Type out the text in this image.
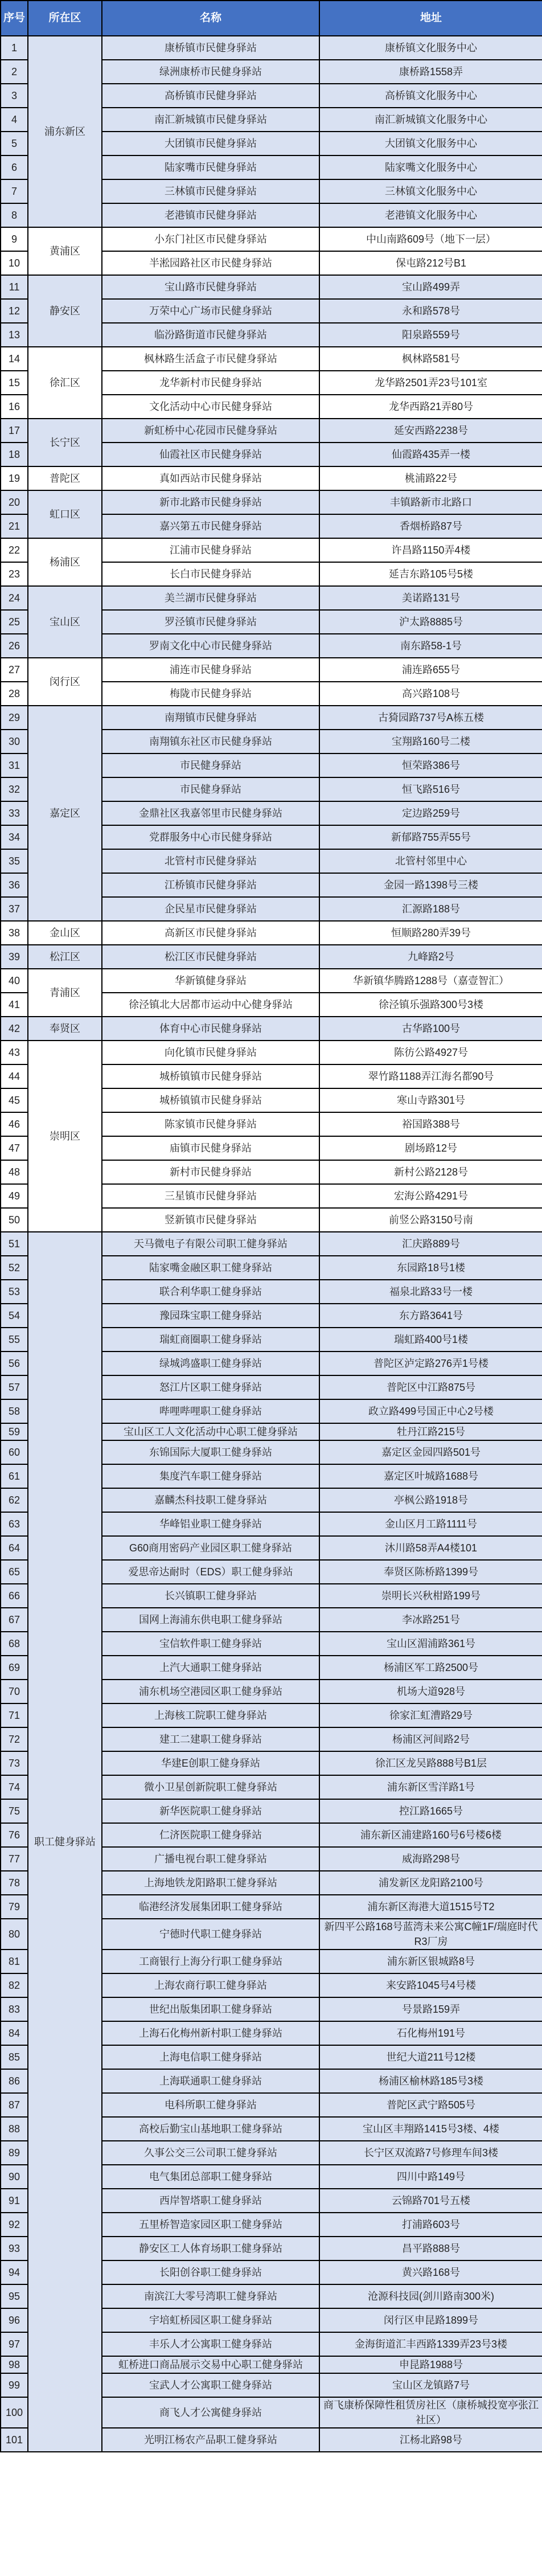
序号	所在区	名称	地址
1	浦东新区	康桥镇市民健身驿站	康桥镇文化服务中心
2		绿洲康桥市民健身驿站	康桥路1558弄
3		高桥镇市民健身驿站	高桥镇文化服务中心
4		南汇新城镇市民健身驿站	南汇新城镇文化服务中心
5		大团镇市民健身驿站	大团镇文化服务中心
6		陆家嘴市民健身驿站	陆家嘴文化服务中心
7		三林镇市民健身驿站	三林镇文化服务中心
8		老港镇市民健身驿站	老港镇文化服务中心
9	黄浦区	小东门社区市民健身驿站	中山南路609号（地下一层）
10		半淞园路社区市民健身驿站	保屯路212号B1
11	静安区	宝山路市民健身驿站	宝山路499弄
12		万荣中心广场市民健身驿站	永和路578号
13		临汾路街道市民健身驿站	阳泉路559号
14	徐汇区	枫林路生活盒子市民健身驿站	枫林路581号
15		龙华新村市民健身驿站	龙华路2501弄23号101室
16		文化活动中心市民健身驿站	龙华西路21弄80号
17	长宁区	新虹桥中心花园市民健身驿站	延安西路2238号
18		仙霞社区市民健身驿站	仙霞路435弄一楼
19	普陀区	真如西站市民健身驿站	桃浦路22号
20	虹口区	新市北路市民健身驿站	丰镇路新市北路口
21		嘉兴第五市民健身驿站	香烟桥路87号
22	杨浦区	江浦市民健身驿站	许昌路1150弄4楼
23		长白市民健身驿站	延吉东路105号5楼
24	宝山区	美兰湖市民健身驿站	美诺路131号
25		罗泾镇市民健身驿站	沪太路8885号
26		罗南文化中心市民健身驿站	南东路58-1号
27	闵行区	浦连市民健身驿站	浦连路655号
28		梅陇市民健身驿站	高兴路108号
29	嘉定区	南翔镇市民健身驿站	古猗园路737号A栋五楼
30		南翔镇东社区市民健身驿站	宝翔路160号二楼
31		市民健身驿站	恒荣路386号
32		市民健身驿站	恒飞路516号
33		金鼎社区我嘉邻里市民健身驿站	定边路259号
34		党群服务中心市民健身驿站	新郁路755弄55号
35		北管村市民健身驿站	北管村邻里中心
36		江桥镇市民健身驿站	金园一路1398号三楼
37		企民星市民健身驿站	汇源路188号
38	金山区	高新区市民健身驿站	恒顺路280弄39号
39	松江区	松江区市民健身驿站	九峰路2号
40	青浦区	华新镇健身驿站	华新镇华腾路1288号（嘉壹智汇）
41		徐泾镇北大居都市运动中心健身驿站	徐泾镇乐强路300号3楼
42	奉贤区	体育中心市民健身驿站	古华路100号
43	崇明区	向化镇市民健身驿站	陈彷公路4927号
44		城桥镇镇市民健身驿站	翠竹路1188弄江海名都90号
45		城桥镇镇市民健身驿站	寒山寺路301号
46		陈家镇市民健身驿站	裕国路388号
47		庙镇市民健身驿站	剧场路12号
48		新村市民健身驿站	新村公路2128号
49		三星镇市民健身驿站	宏海公路4291号
50		竖新镇市民健身驿站	前竖公路3150号南
51	职工健身驿站	天马微电子有限公司职工健身驿站	汇庆路889号
52		陆家嘴金融区职工健身驿站	东园路18号1楼
53		联合利华职工健身驿站	福泉北路33号一楼
54		豫园珠宝职工健身驿站	东方路3641号
55		瑞虹商圈职工健身驿站	瑞虹路400号1楼
56		绿城鸿盛职工健身驿站	普陀区泸定路276弄1号楼
57		怒江片区职工健身驿站	普陀区中江路875号
58		哔哩哔哩职工健身驿站	政立路499号国正中心2号楼
59		宝山区工人文化活动中心职工健身驿站	牡丹江路215号
60		东锦国际大厦职工健身驿站	嘉定区金园四路501号
61		集度汽车职工健身驿站	嘉定区叶城路1688号
62		嘉麟杰科技职工健身驿站	亭枫公路1918号
63		华峰铝业职工健身驿站	金山区月工路1111号
64		G60商用密码产业园区职工健身驿站	沐川路58弄A4楼101
65		爱思帝达耐时（EDS）职工健身驿站	奉贤区陈桥路1399号
66		长兴镇职工健身驿站	崇明长兴秋柑路199号
67		国网上海浦东供电职工健身驿站	李冰路251号
68		宝信软件职工健身驿站	宝山区湄浦路361号
69		上汽大通职工健身驿站	杨浦区军工路2500号
70		浦东机场空港园区职工健身驿站	机场大道928号
71		上海核工院职工健身驿站	徐家汇虹漕路29号
72		建工二建职工健身驿站	杨浦区河间路2号
73		华建E创职工健身驿站	徐汇区龙吴路888号B1层
74		微小卫星创新院职工健身驿站	浦东新区雪洋路1号
75		新华医院职工健身驿站	控江路1665号
76		仁济医院职工健身驿站	浦东新区浦建路160号6号楼6楼
77		广播电视台职工健身驿站	威海路298号
78		上海地铁龙阳路职工健身驿站	浦发新区龙阳路2100号
79		临港经济发展集团职工健身驿站	浦东新区海港大道1515号T2
80		宁德时代职工健身驿站	新四平公路168号蓝湾未来公寓C幢1F/瑞庭时代R3厂房
81		工商银行上海分行职工健身驿站	浦东新区银城路8号
82		上海农商行职工健身驿站	来安路1045号4号楼
83		世纪出版集团职工健身驿站	号景路159弄
84		上海石化梅州新村职工健身驿站	石化梅州191号
85		上海电信职工健身驿站	世纪大道211号12楼
86		上海联通职工健身驿站	杨浦区榆林路185号3楼
87		电科所职工健身驿站	普陀区武宁路505号
88		高校后勤宝山基地职工健身驿站	宝山区丰翔路1415号3楼、4楼
89		久事公交三公司职工健身驿站	长宁区双流路7号修理车间3楼
90		电气集团总部职工健身驿站	四川中路149号
91		西岸智塔职工健身驿站	云锦路701号五楼
92		五里桥智造家园区职工健身驿站	打浦路603号
93		静安区工人体育场职工健身驿站	昌平路888号
94		长阳创谷职工健身驿站	黄兴路168号
95		南滨江大零号湾职工健身驿站	沧源科技园(剑川路南300米)
96		宇培虹桥园区职工健身驿站	闵行区申昆路1899号
97		丰乐人才公寓职工健身驿站	金海街道汇丰西路1339弄23号3楼
98		虹桥进口商品展示交易中心职工健身驿站	申昆路1988号
99		宝武人才公寓职工健身驿站	宝山区龙镇路7号
100		商飞人才公寓健身驿站	商飞康桥保障性租赁房社区（康桥城投宽亭张江社区）
101		光明江杨农产品职工健身驿站	江杨北路98号
